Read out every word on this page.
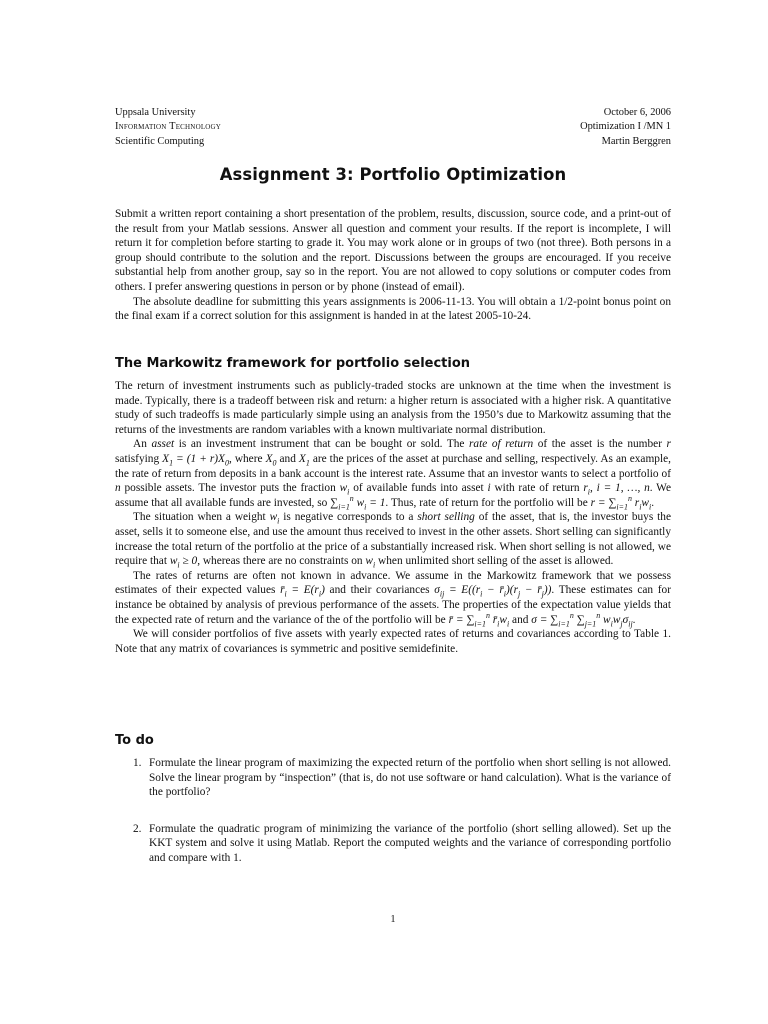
Uppsala University
Information Technology
Scientific Computing
October 6, 2006
Optimization I /MN 1
Martin Berggren
Assignment 3: Portfolio Optimization

Submit a written report containing a short presentation of the problem, results, discussion, source code, and a print-out of the result from your Matlab sessions. Answer all question and comment your results. If the report is incomplete, I will return it for completion before starting to grade it. You may work alone or in groups of two (not three). Both persons in a group should contribute to the solution and the report. Discussions between the groups are encouraged. If you receive substantial help from another group, say so in the report. You are not allowed to copy solutions or computer codes from others. I prefer answering questions in person or by phone (instead of email).

The absolute deadline for submitting this years assignments is 2006-11-13. You will obtain a 1/2-point bonus point on the final exam if a correct solution for this assignment is handed in at the latest 2005-10-24.

The Markowitz framework for portfolio selection

The return of investment instruments such as publicly-traded stocks are unknown at the time when the investment is made. Typically, there is a tradeoff between risk and return: a higher return is associated with a higher risk. A quantitative study of such tradeoffs is made particularly simple using an analysis from the 1950’s due to Markowitz assuming that the returns of the investments are random variables with a known multivariate normal distribution.

An asset is an investment instrument that can be bought or sold. The rate of return of the asset is the number r satisfying $X_1 = (1 + r)X_0$, where $X_0$ and $X_1$ are the prices of the asset at purchase and selling, respectively. As an example, the rate of return from deposits in a bank account is the interest rate. Assume that an investor wants to select a portfolio of n possible assets. The investor puts the fraction $w_i$ of available funds into asset i with rate of return $r_i$, i = 1, …, n. We assume that all available funds are invested, so $\sum_{i=1}^n$ $w_i = 1$. Thus, rate of return for the portfolio will be $r = \sum_{i=1}^n$ $r_iw_i$.

The situation when a weight $w_i$ is negative corresponds to a short selling of the asset, that is, the investor buys the asset, sells it to someone else, and use the amount thus received to invest in the other assets. Short selling can significantly increase the total return of the portfolio at the price of a substantially increased risk. When short selling is not allowed, we require that $w_i \ge 0$, whereas there are no constraints on $w_i$ when unlimited short selling of the asset is allowed.

The rates of returns are often not known in advance. We assume in the Markowitz framework that we possess estimates of their expected values $r̄_i = E(r_i)$ and their covariances $\sigma_{ij} = E((r_i$ − $r̄_i)(r_j$ − $r̄_j$)). These estimates can for instance be obtained by analysis of previous performance of the assets. The properties of the expectation value yields that the expected rate of return and the variance of the of the portfolio will be r̄ = $\sum_{i=1}^n$ $r̄_iw_i$ and $\sigma = \sum_{i=1}^n$ $\sum_{j=1}^n$ $w_iw_j\sigma_{ij}$.

We will consider portfolios of five assets with yearly expected rates of returns and covariances according to Table 1. Note that any matrix of covariances is symmetric and positive semidefinite.

To do
1. Formulate the linear program of maximizing the expected return of the portfolio when short selling is not allowed. Solve the linear program by “inspection” (that is, do not use software or hand calculation). What is the variance of the portfolio?
2. Formulate the quadratic program of minimizing the variance of the portfolio (short selling allowed). Set up the KKT system and solve it using Matlab. Report the computed weights and the variance of corresponding portfolio and compare with 1.
1
